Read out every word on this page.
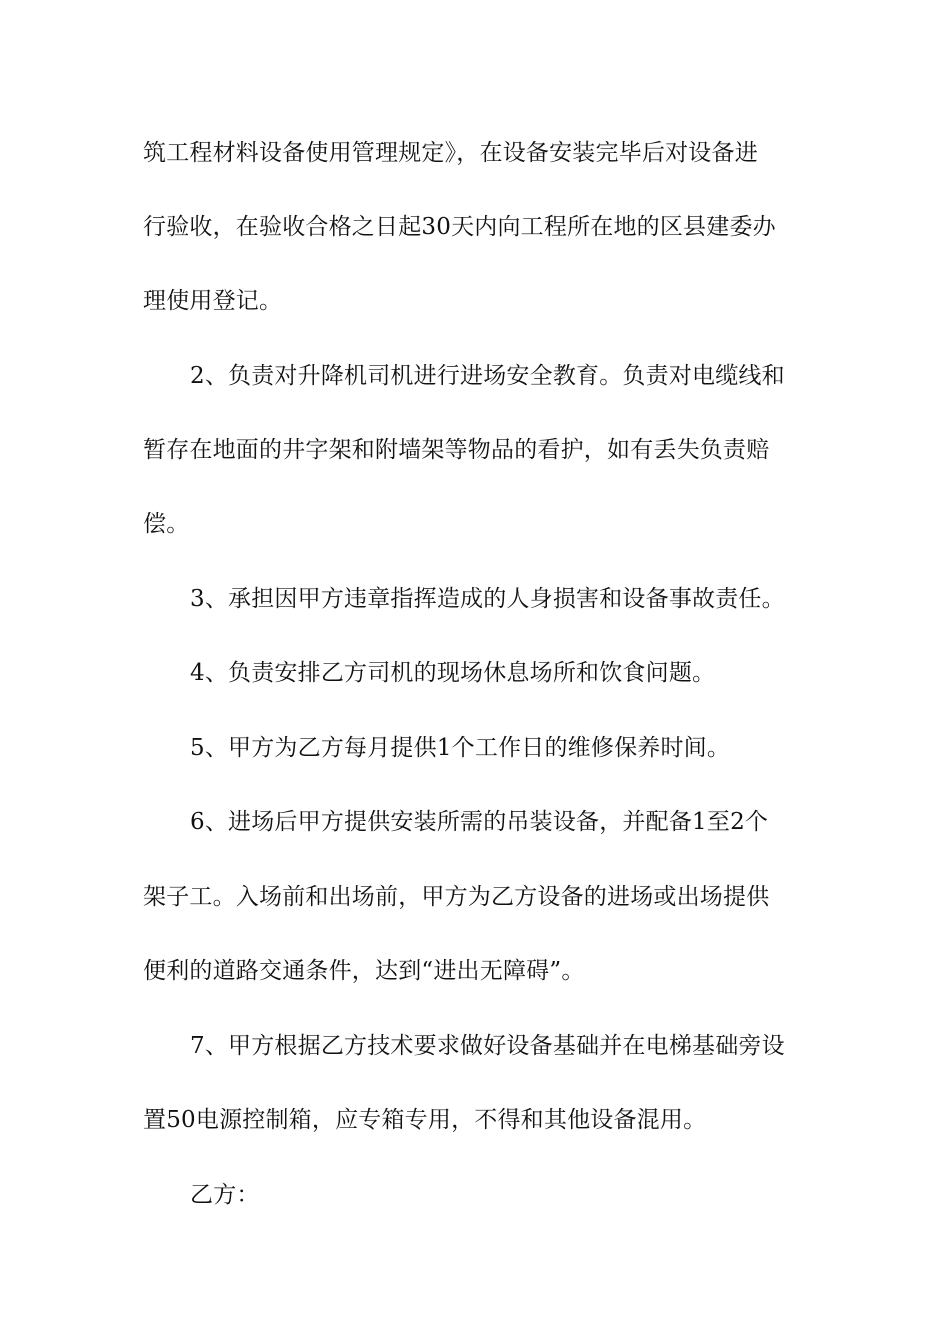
筑工程材料设备使用管理规定》，在设备安装完毕后对设备进
行验收，在验收合格之日起30天内向工程所在地的区县建委办
理使用登记。
2、负责对升降机司机进行进场安全教育。负责对电缆线和
暂存在地面的井字架和附墙架等物品的看护，如有丢失负责赔
偿。
3、承担因甲方违章指挥造成的人身损害和设备事故责任。
4、负责安排乙方司机的现场休息场所和饮食问题。
5、甲方为乙方每月提供1个工作日的维修保养时间。
6、进场后甲方提供安装所需的吊装设备，并配备1至2个
架子工。入场前和出场前，甲方为乙方设备的进场或出场提供
便利的道路交通条件，达到“进出无障碍”。
7、甲方根据乙方技术要求做好设备基础并在电梯基础旁设
置50电源控制箱，应专箱专用，不得和其他设备混用。
乙方：
